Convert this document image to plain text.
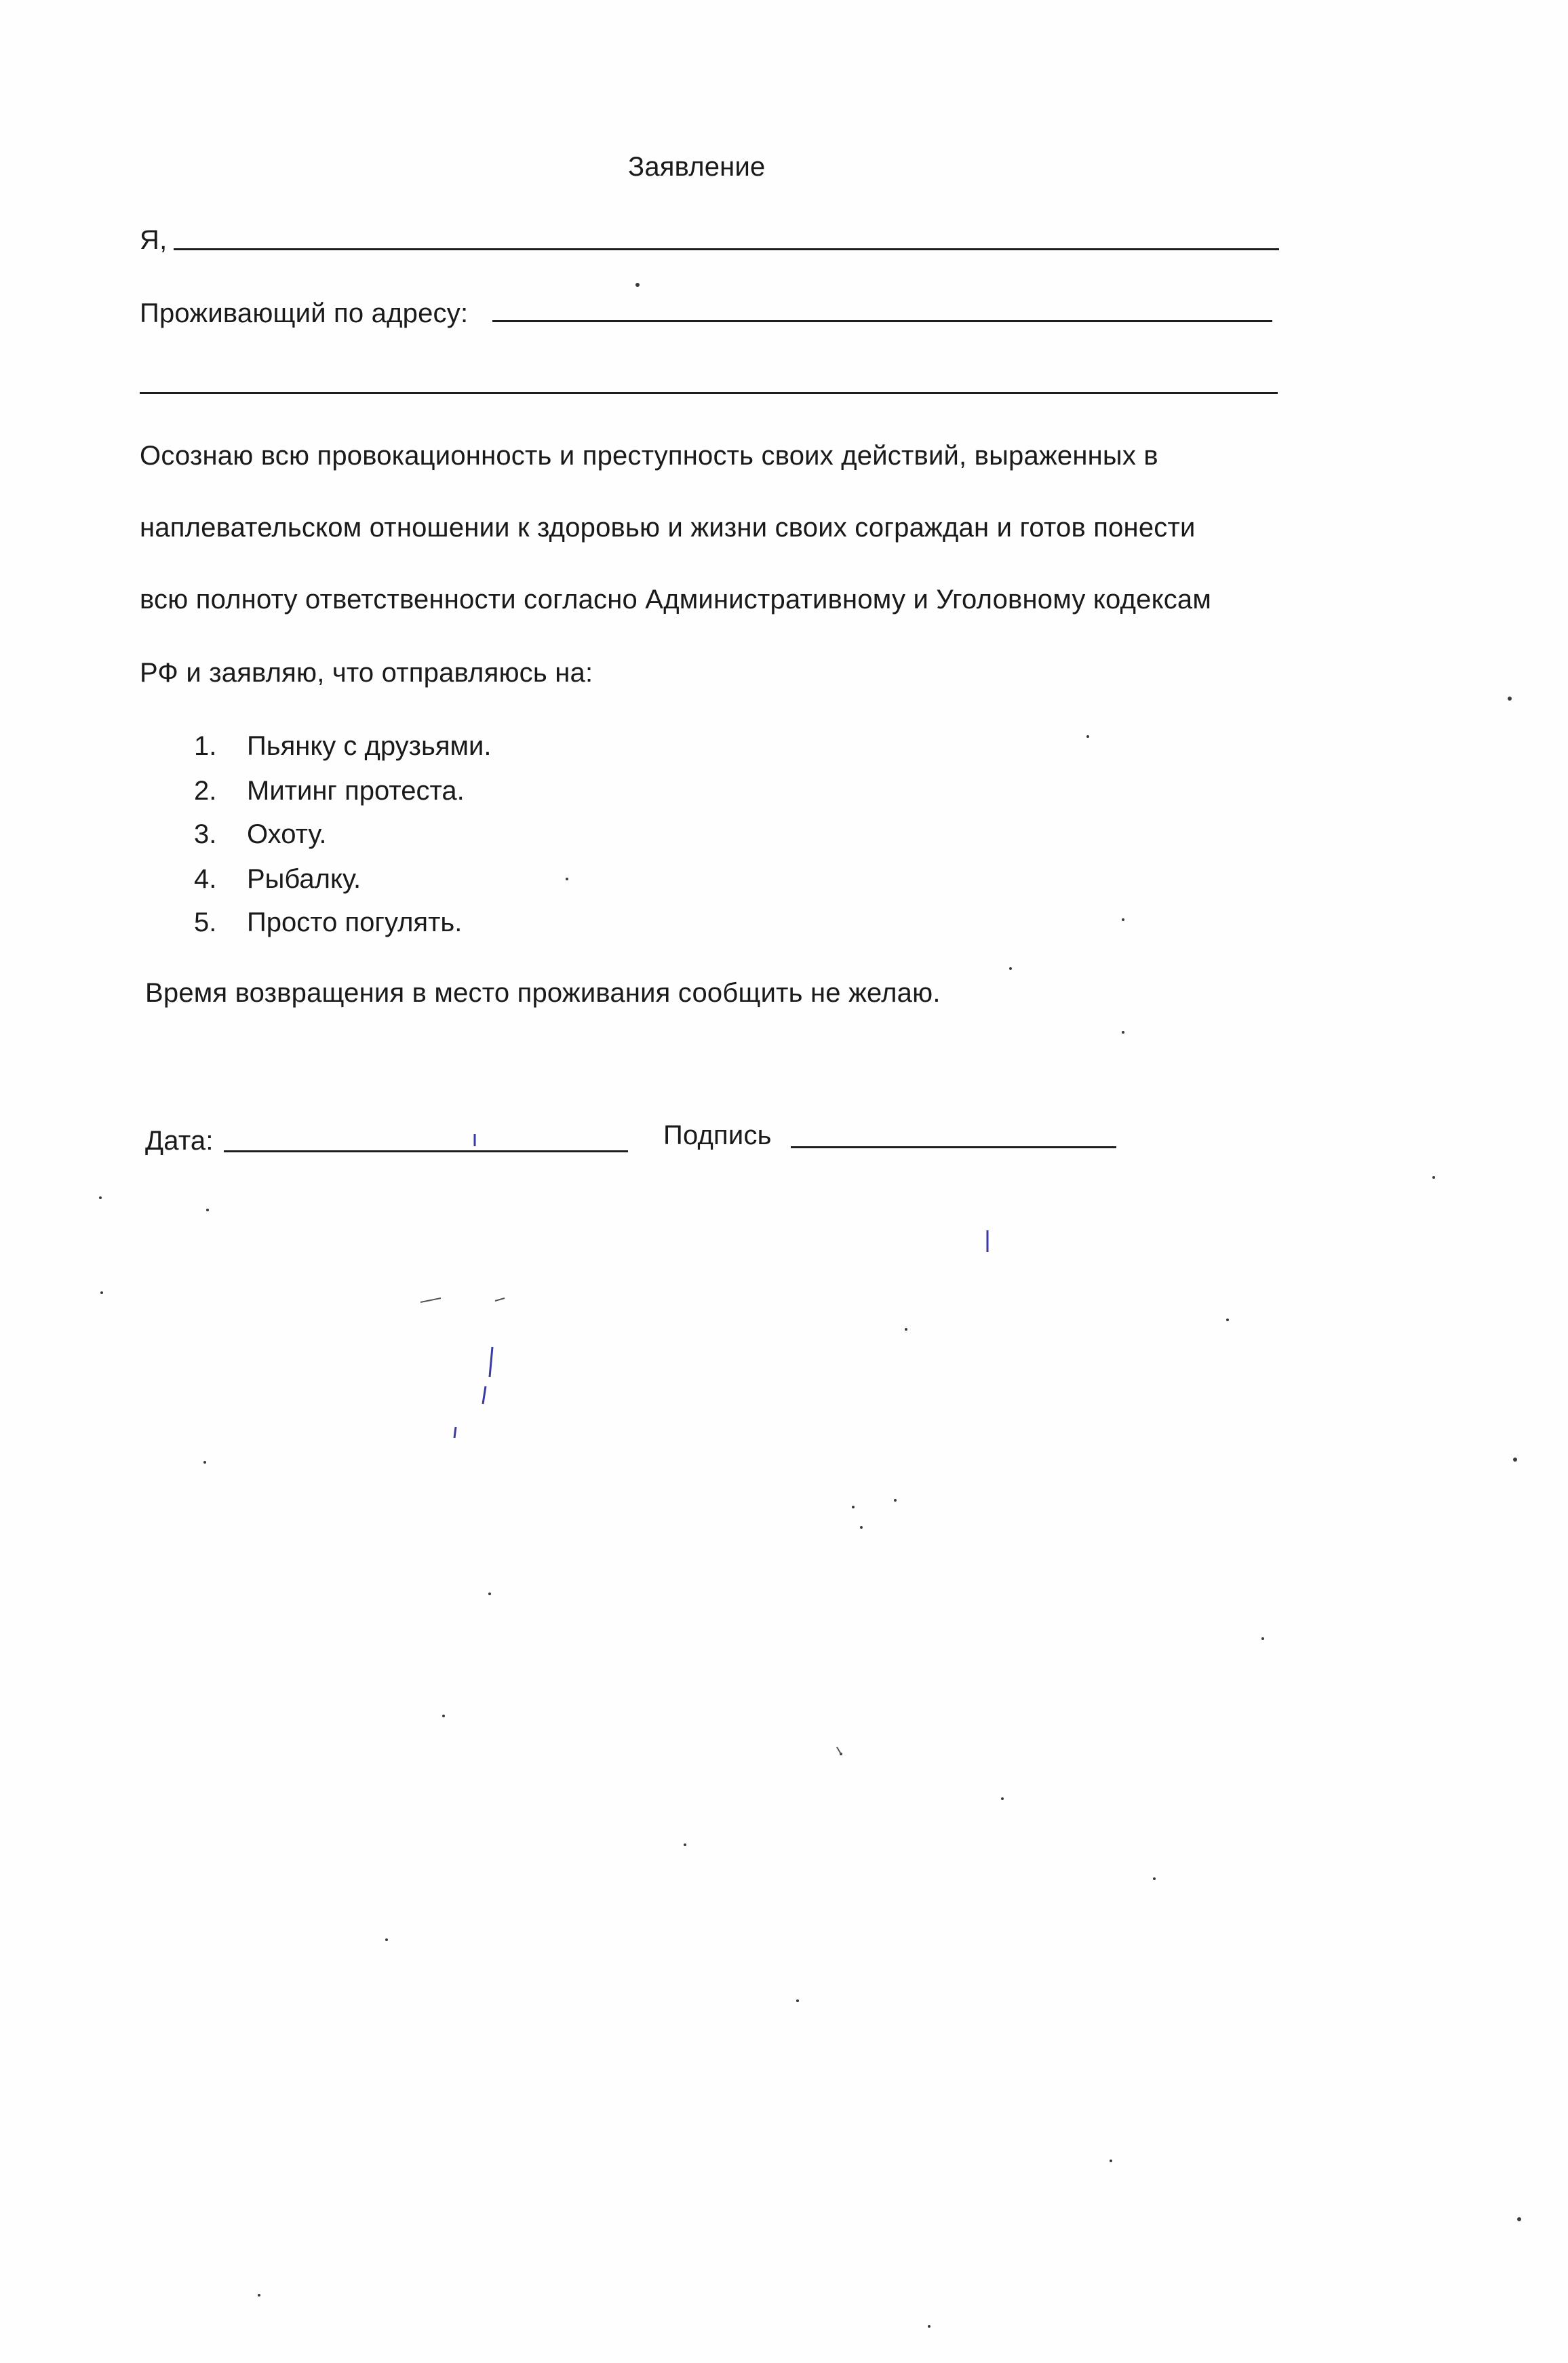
Заявление
Я,
Проживающий по адресу:
Осознаю всю провокационность и преступность своих действий, выраженных в
наплевательском отношении к здоровью и жизни своих сограждан и готов понести
всю полноту ответственности согласно Административному и Уголовному кодексам
РФ и заявляю, что отправляюсь на:
1. Пьянку с друзьями.
2. Митинг протеста.
3. Охоту.
4. Рыбалку.
5. Просто погулять.
Время возвращения в место проживания сообщить не желаю.
Дата:	Подпись
